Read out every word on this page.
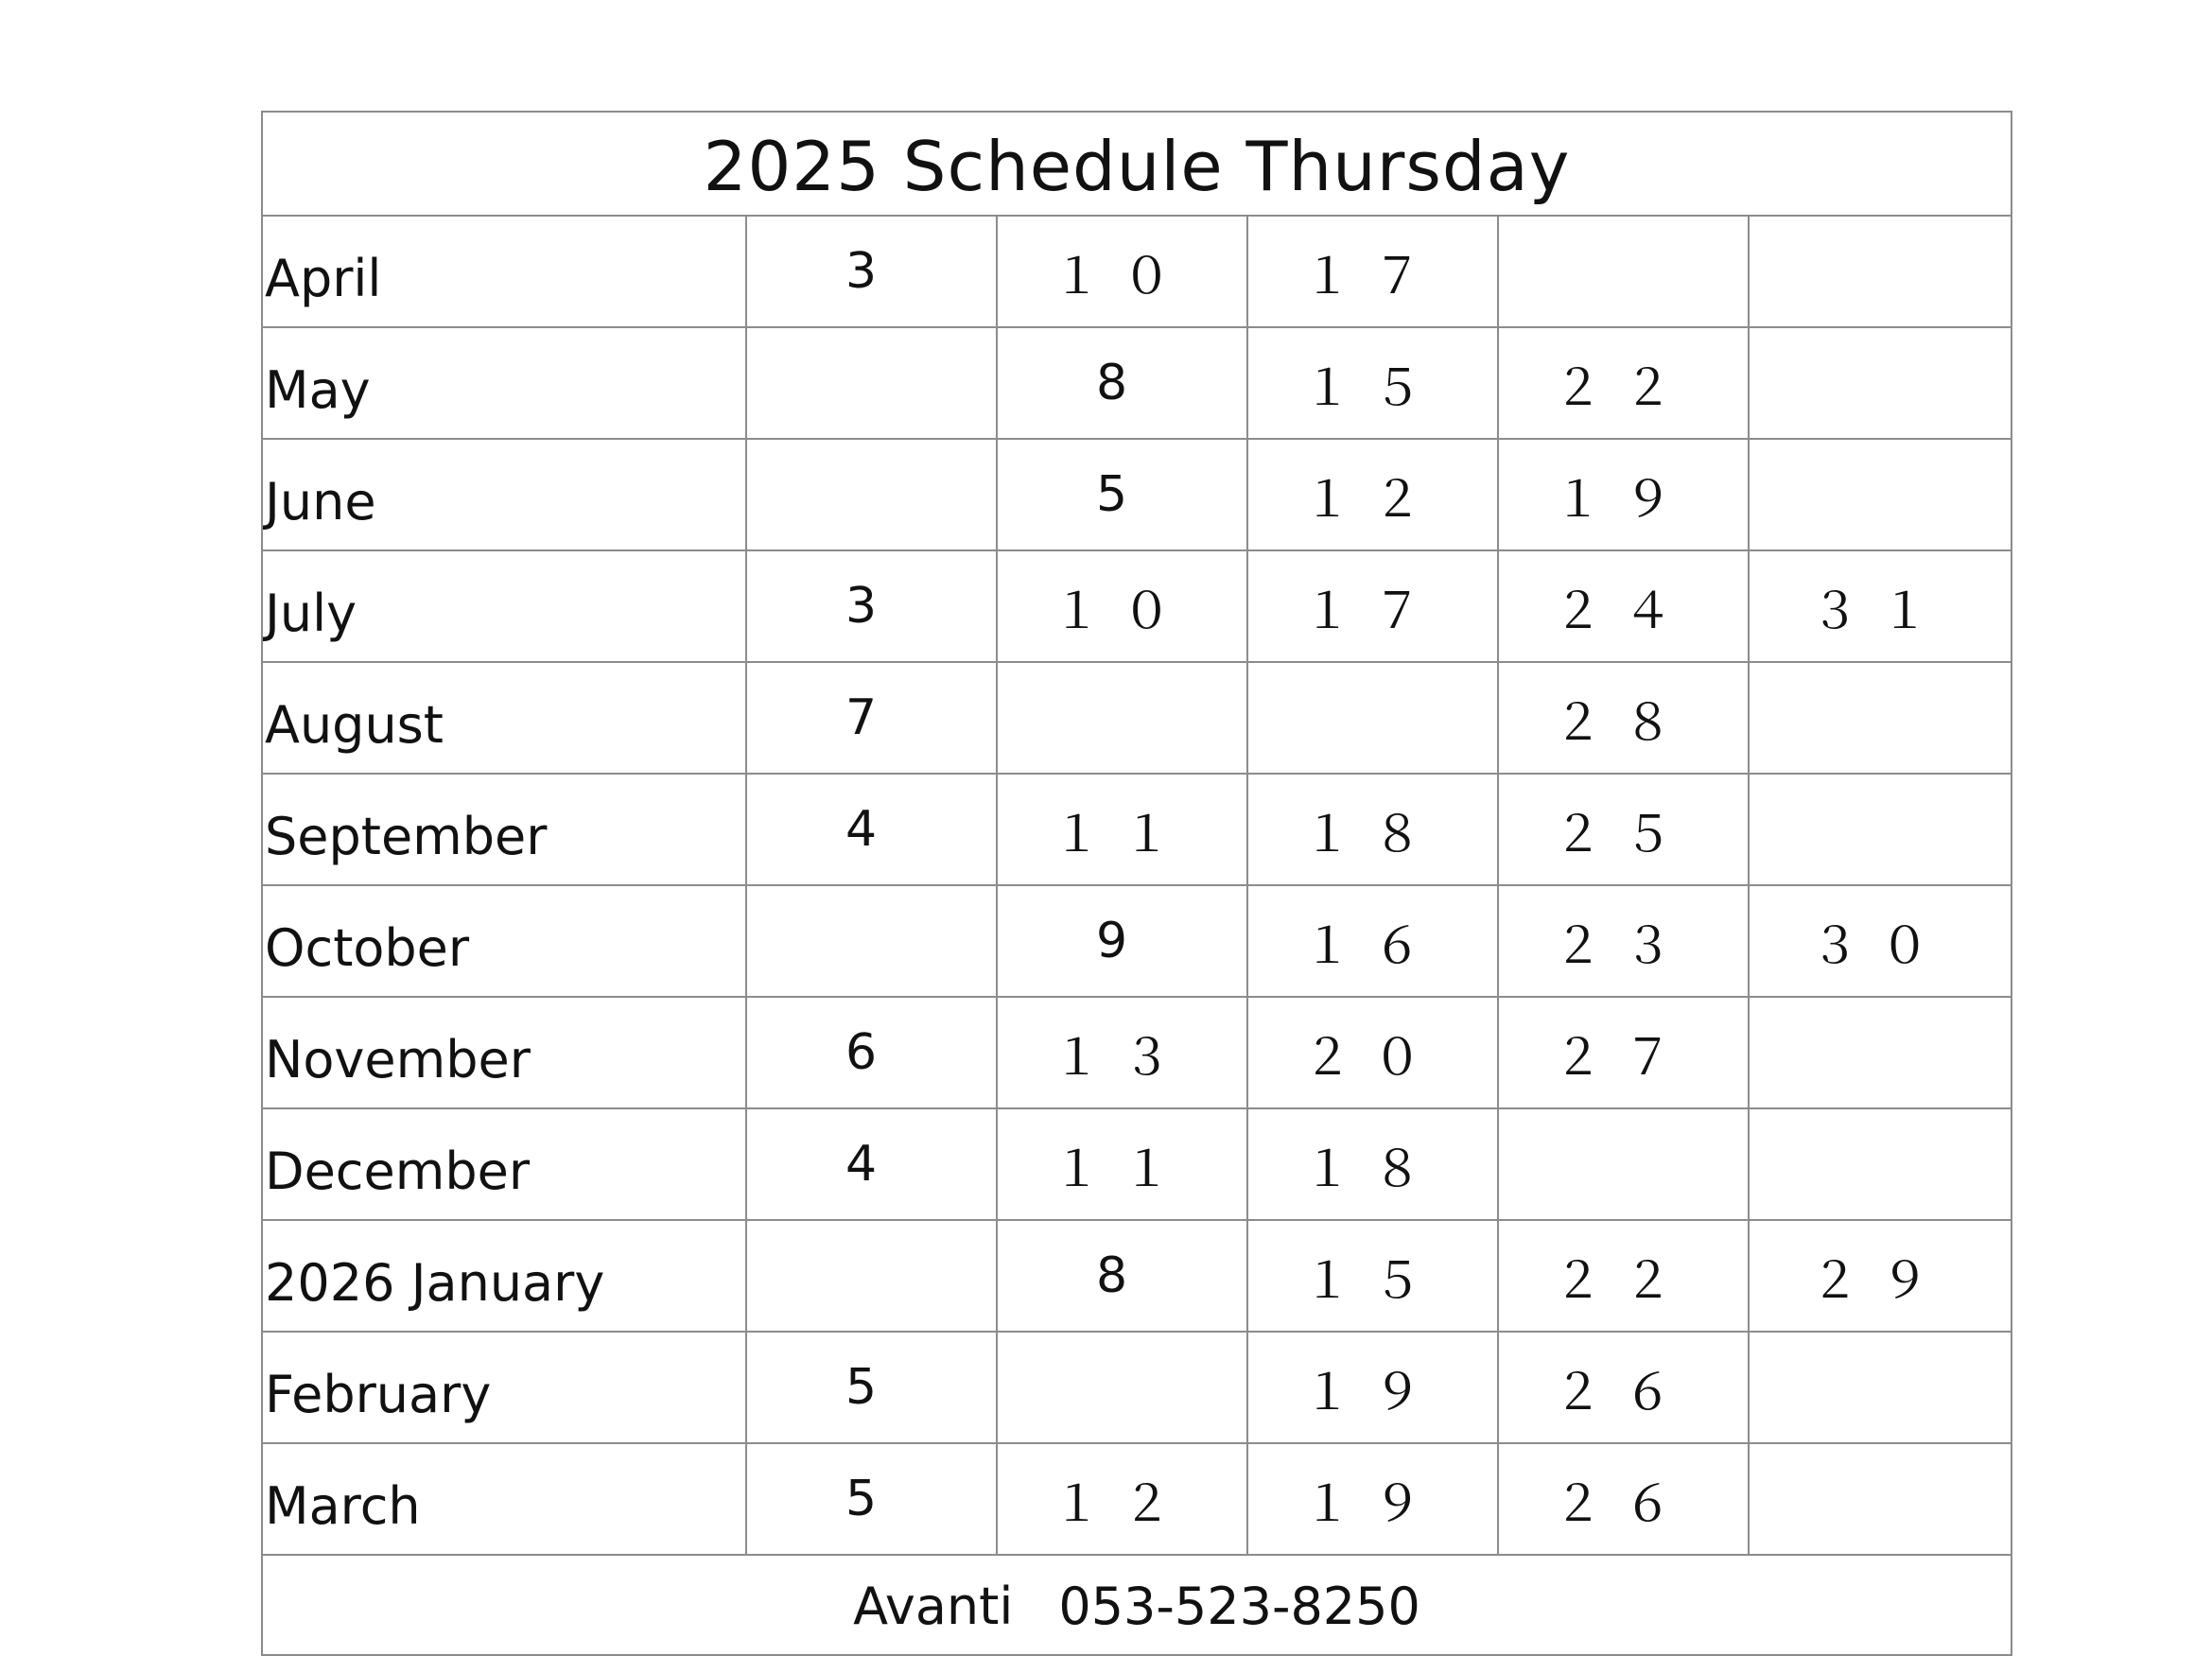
2025 Schedule Thursday					
April	3	１０	１７		
May		8	１５	２２	
June		5	１２	１９	
July	3	１０	１７	２４	３１
August	7			２８	
September	4	１１	１８	２５	
October		9	１６	２３	３０
November	6	１３	２０	２７	
December	4	１１	１８		
2026 January		8	１５	２２	２９
February	5		１９	２６	
March	5	１２	１９	２６	
Avanti 053-523-8250					
